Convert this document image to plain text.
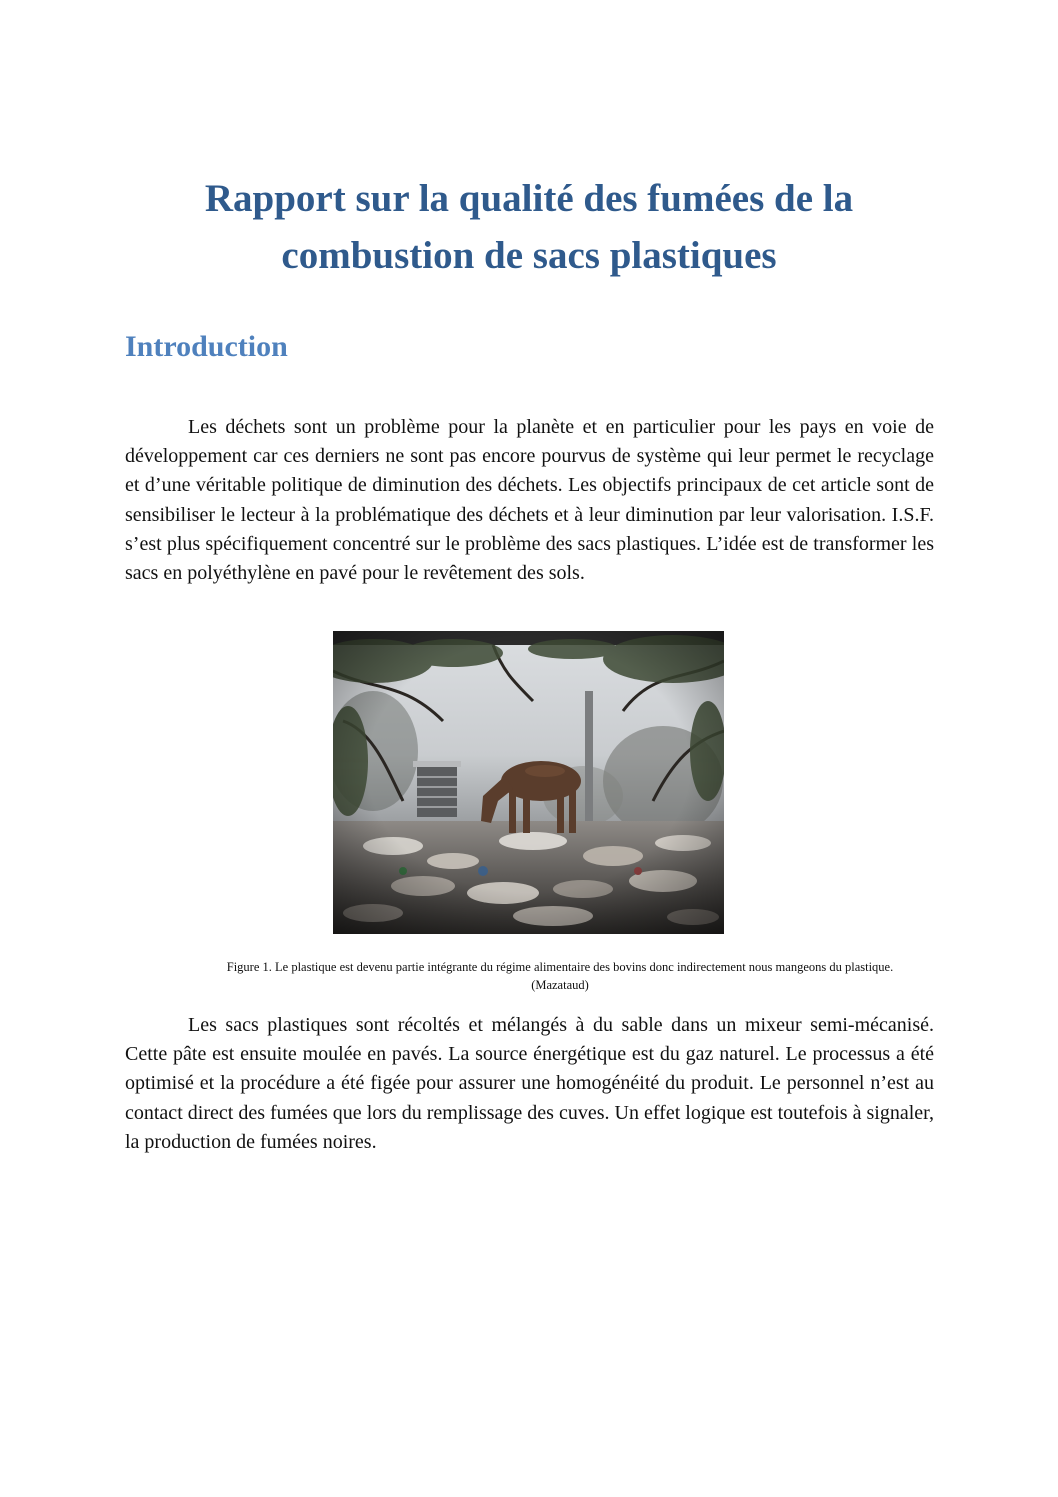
Rapport sur la qualité des fumées de la combustion de sacs plastiques
Introduction

Les déchets sont un problème pour la planète et en particulier pour les pays en voie de développement car ces derniers ne sont pas encore pourvus de système qui leur permet le recyclage et d’une véritable politique de diminution des déchets. Les objectifs principaux de cet article sont de sensibiliser le lecteur à la problématique des déchets et à leur diminution par leur valorisation. I.S.F. s’est plus spécifiquement concentré sur le problème des sacs plastiques. L’idée est de transformer les sacs en polyéthylène en pavé pour le revêtement des sols.

Figure 1. Le plastique est devenu partie intégrante du régime alimentaire des bovins donc indirectement nous mangeons du plastique. (Mazataud)

Les sacs plastiques sont récoltés et mélangés à du sable dans un mixeur semi-mécanisé. Cette pâte est ensuite moulée en pavés. La source énergétique est du gaz naturel. Le processus a été optimisé et la procédure a été figée pour assurer une homogénéité du produit. Le personnel n’est au contact direct des fumées que lors du remplissage des cuves. Un effet logique est toutefois à signaler, la production de fumées noires.
